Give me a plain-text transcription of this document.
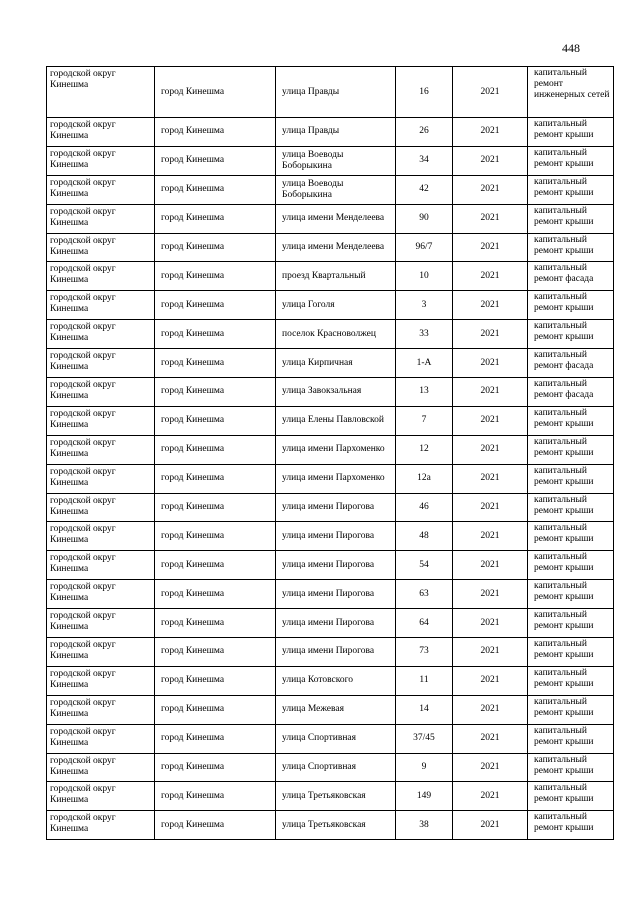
448
городской округ Кинешма	город Кинешма	улица Правды	16	2021	капитальный ремонт инженерных сетей
городской округ Кинешма	город Кинешма	улица Правды	26	2021	капитальный ремонт крыши
городской округ Кинешма	город Кинешма	улица Воеводы Боборыкина	34	2021	капитальный ремонт крыши
городской округ Кинешма	город Кинешма	улица Воеводы Боборыкина	42	2021	капитальный ремонт крыши
городской округ Кинешма	город Кинешма	улица имени Менделеева	90	2021	капитальный ремонт крыши
городской округ Кинешма	город Кинешма	улица имени Менделеева	96/7	2021	капитальный ремонт крыши
городской округ Кинешма	город Кинешма	проезд Квартальный	10	2021	капитальный ремонт фасада
городской округ Кинешма	город Кинешма	улица Гоголя	3	2021	капитальный ремонт крыши
городской округ Кинешма	город Кинешма	поселок Красноволжец	33	2021	капитальный ремонт крыши
городской округ Кинешма	город Кинешма	улица Кирпичная	1-А	2021	капитальный ремонт фасада
городской округ Кинешма	город Кинешма	улица Завокзальная	13	2021	капитальный ремонт фасада
городской округ Кинешма	город Кинешма	улица Елены Павловской	7	2021	капитальный ремонт крыши
городской округ Кинешма	город Кинешма	улица имени Пархоменко	12	2021	капитальный ремонт крыши
городской округ Кинешма	город Кинешма	улица имени Пархоменко	12а	2021	капитальный ремонт крыши
городской округ Кинешма	город Кинешма	улица имени Пирогова	46	2021	капитальный ремонт крыши
городской округ Кинешма	город Кинешма	улица имени Пирогова	48	2021	капитальный ремонт крыши
городской округ Кинешма	город Кинешма	улица имени Пирогова	54	2021	капитальный ремонт крыши
городской округ Кинешма	город Кинешма	улица имени Пирогова	63	2021	капитальный ремонт крыши
городской округ Кинешма	город Кинешма	улица имени Пирогова	64	2021	капитальный ремонт крыши
городской округ Кинешма	город Кинешма	улица имени Пирогова	73	2021	капитальный ремонт крыши
городской округ Кинешма	город Кинешма	улица Котовского	11	2021	капитальный ремонт крыши
городской округ Кинешма	город Кинешма	улица Межевая	14	2021	капитальный ремонт крыши
городской округ Кинешма	город Кинешма	улица Спортивная	37/45	2021	капитальный ремонт крыши
городской округ Кинешма	город Кинешма	улица Спортивная	9	2021	капитальный ремонт крыши
городской округ Кинешма	город Кинешма	улица Третьяковская	149	2021	капитальный ремонт крыши
городской округ Кинешма	город Кинешма	улица Третьяковская	38	2021	капитальный ремонт крыши
